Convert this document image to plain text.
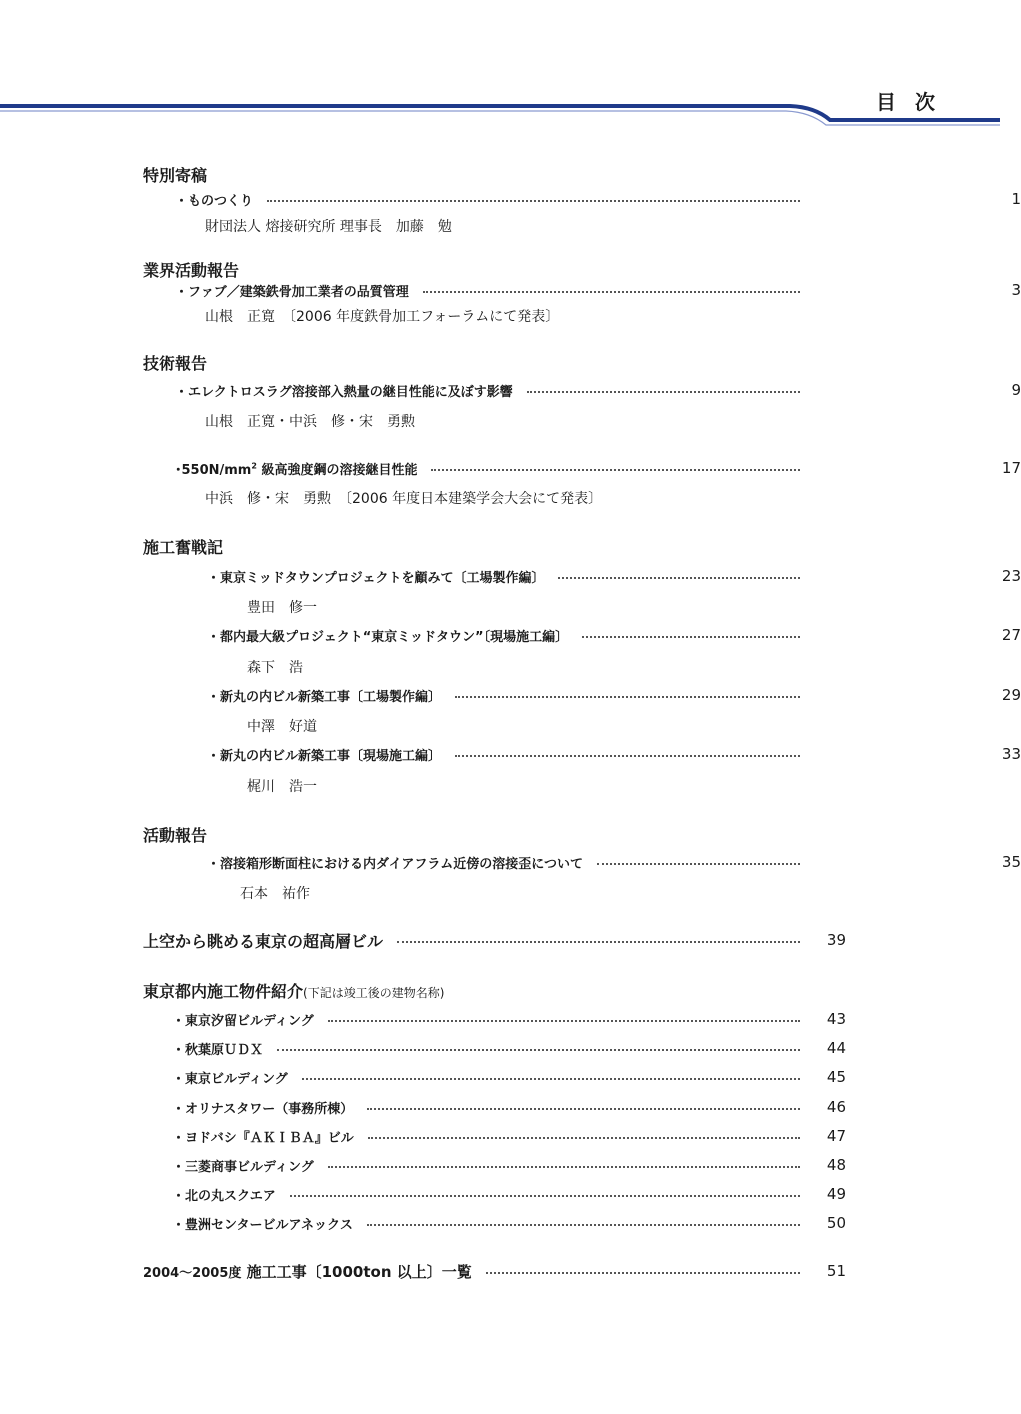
目 次
特別寄稿
・ものつくり	1
財団法人 熔接研究所 理事長　加藤　勉
業界活動報告
・ファブ／建築鉄骨加工業者の品質管理	3
山根　正寛　〔2006 年度鉄骨加工フォーラムにて発表〕
技術報告
・エレクトロスラグ溶接部入熱量の継目性能に及ぼす影響	9
山根　正寛・中浜　修・宋　勇勲
･$550N/mm^2$ 級高強度鋼の溶接継目性能	17
中浜　修・宋　勇勲　〔2006 年度日本建築学会大会にて発表〕
施工奮戦記
・東京ミッドタウンプロジェクトを顧みて〔工場製作編〕	23
豊田　修一
・都内最大級プロジェクト“東京ミッドタウン”〔現場施工編〕	27
森下　浩
・新丸の内ビル新築工事〔工場製作編〕	29
中澤　好道
・新丸の内ビル新築工事〔現場施工編〕	33
梶川　浩一
活動報告
・溶接箱形断面柱における内ダイアフラム近傍の溶接歪について	35
石本　祐作
上空から眺める東京の超高層ビル	39
東京都内施工物件紹介(下記は竣工後の建物名称)
・東京汐留ビルディング	43
・秋葉原ＵＤＸ	44
・東京ビルディング	45
・オリナスタワー（事務所棟）	46
・ヨドバシ『ＡＫＩＢＡ』ビル	47
・三菱商事ビルディング	48
・北の丸スクエア	49
・豊洲センタービルアネックス	50
2004～2005度 施工工事〔1000ton 以上〕一覧	51
